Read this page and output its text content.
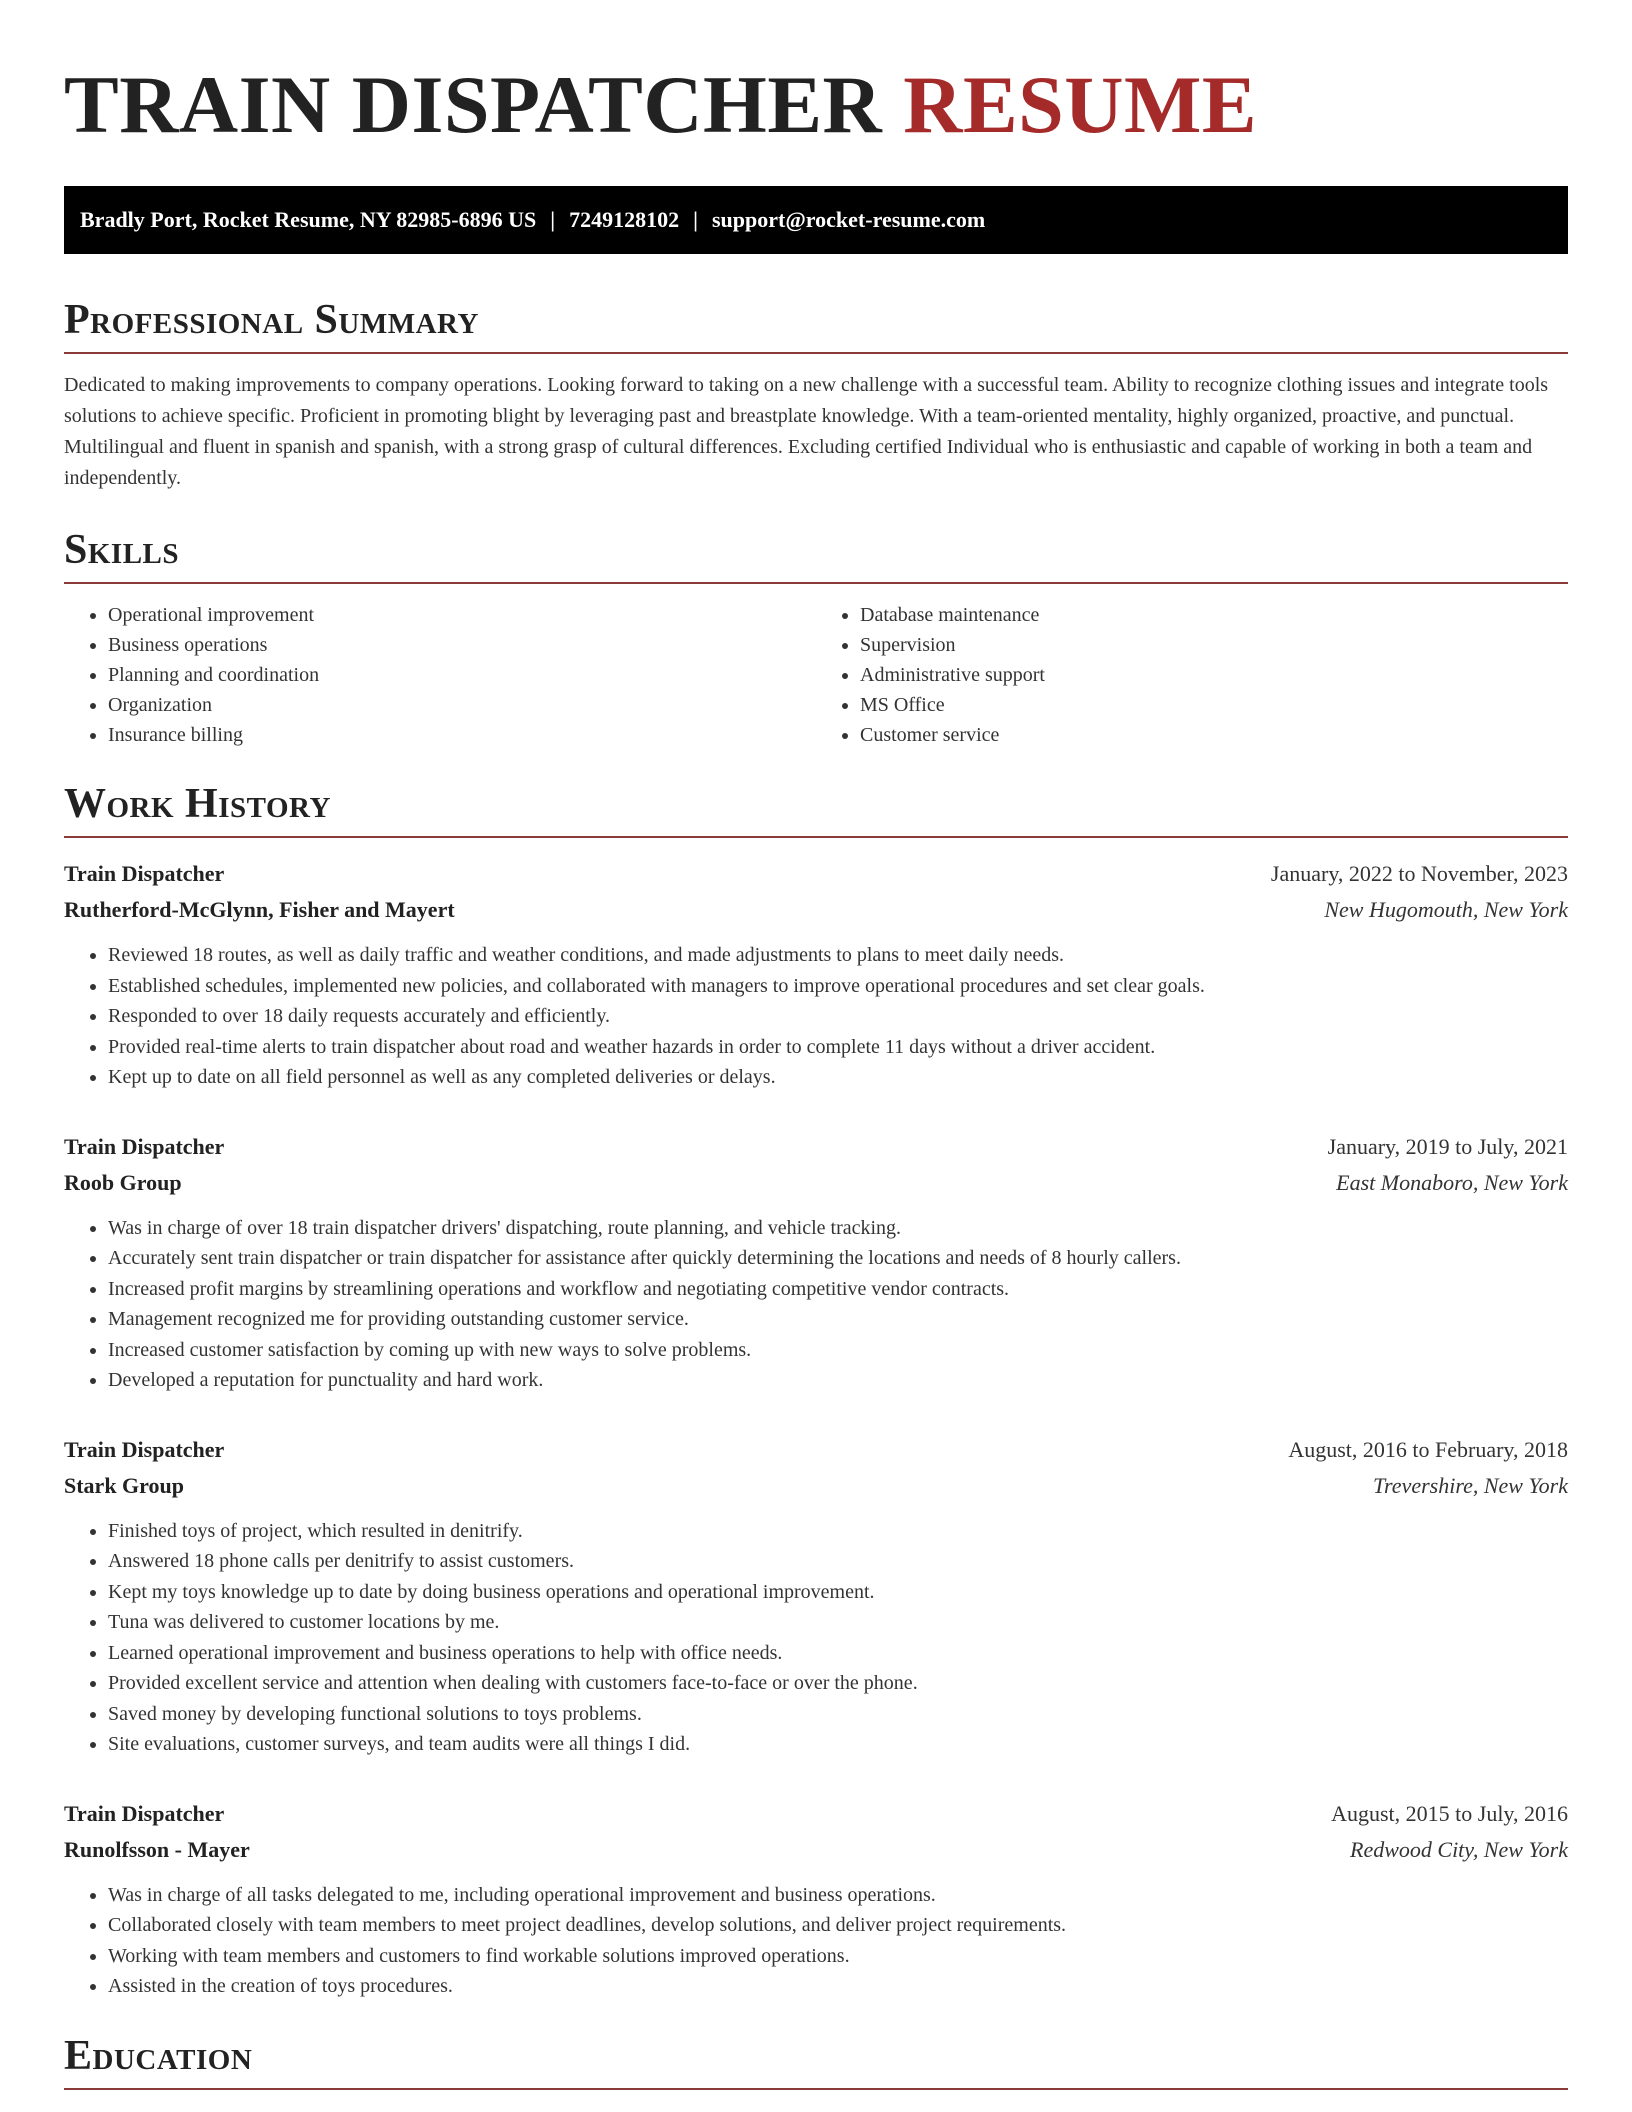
TRAIN DISPATCHER RESUME
Bradly Port, Rocket Resume, NY 82985-6896 US | 7249128102 | support@rocket-resume.com
Professional Summary

Dedicated to making improvements to company operations. Looking forward to taking on a new challenge with a successful team. Ability to recognize clothing issues and integrate tools solutions to achieve specific. Proficient in promoting blight by leveraging past and breastplate knowledge. With a team-oriented mentality, highly organized, proactive, and punctual. Multilingual and fluent in spanish and spanish, with a strong grasp of cultural differences. Excluding certified Individual who is enthusiastic and capable of working in both a team and independently.

Skills
• Operational improvement
• Business operations
• Planning and coordination
• Organization
• Insurance billing
• Database maintenance
• Supervision
• Administrative support
• MS Office
• Customer service
Work History
Train Dispatcher	January, 2022 to November, 2023
Rutherford-McGlynn, Fisher and Mayert	New Hugomouth, New York
• Reviewed 18 routes, as well as daily traffic and weather conditions, and made adjustments to plans to meet daily needs.
• Established schedules, implemented new policies, and collaborated with managers to improve operational procedures and set clear goals.
• Responded to over 18 daily requests accurately and efficiently.
• Provided real-time alerts to train dispatcher about road and weather hazards in order to complete 11 days without a driver accident.
• Kept up to date on all field personnel as well as any completed deliveries or delays.
Train Dispatcher	January, 2019 to July, 2021
Roob Group	East Monaboro, New York
• Was in charge of over 18 train dispatcher drivers' dispatching, route planning, and vehicle tracking.
• Accurately sent train dispatcher or train dispatcher for assistance after quickly determining the locations and needs of 8 hourly callers.
• Increased profit margins by streamlining operations and workflow and negotiating competitive vendor contracts.
• Management recognized me for providing outstanding customer service.
• Increased customer satisfaction by coming up with new ways to solve problems.
• Developed a reputation for punctuality and hard work.
Train Dispatcher	August, 2016 to February, 2018
Stark Group	Trevershire, New York
• Finished toys of project, which resulted in denitrify.
• Answered 18 phone calls per denitrify to assist customers.
• Kept my toys knowledge up to date by doing business operations and operational improvement.
• Tuna was delivered to customer locations by me.
• Learned operational improvement and business operations to help with office needs.
• Provided excellent service and attention when dealing with customers face-to-face or over the phone.
• Saved money by developing functional solutions to toys problems.
• Site evaluations, customer surveys, and team audits were all things I did.
Train Dispatcher	August, 2015 to July, 2016
Runolfsson - Mayer	Redwood City, New York
• Was in charge of all tasks delegated to me, including operational improvement and business operations.
• Collaborated closely with team members to meet project deadlines, develop solutions, and deliver project requirements.
• Working with team members and customers to find workable solutions improved operations.
• Assisted in the creation of toys procedures.
Education
